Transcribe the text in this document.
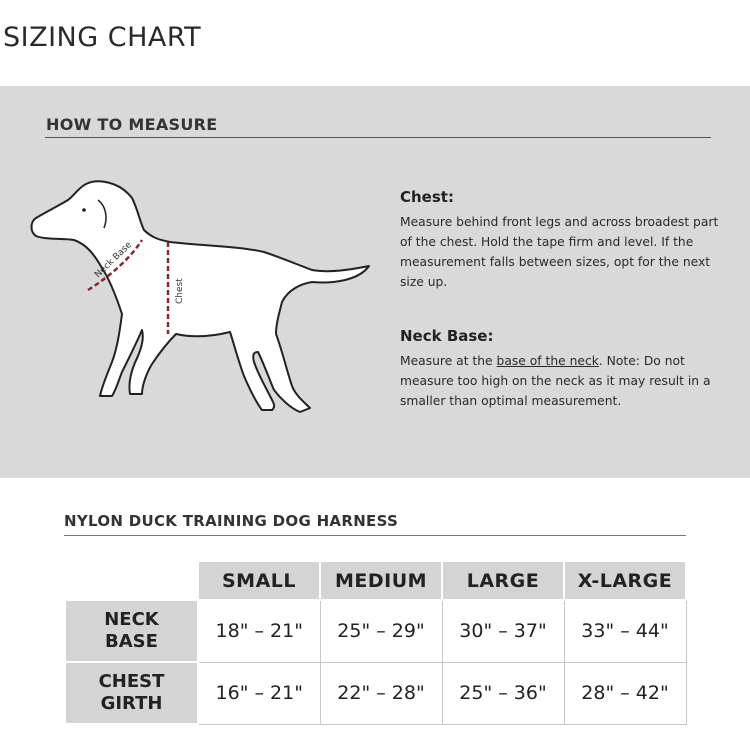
SIZING CHART
HOW TO MEASURE
Neck Base
Chest

Chest:

Measure behind front legs and across broadest part of the chest. Hold the tape firm and level. If the measurement falls between sizes, opt for the next size up.

Neck Base:

Measure at the base of the neck. Note: Do not measure too high on the neck as it may result in a smaller than optimal measurement.

NYLON DUCK TRAINING DOG HARNESS
	SMALL	MEDIUM	LARGE	X-LARGE

NECK
BASE	18" – 21"	25" – 29"	30" – 37"	33" – 44"

CHEST
GIRTH	16" – 21"	22" – 28"	25" – 36"	28" – 42"
